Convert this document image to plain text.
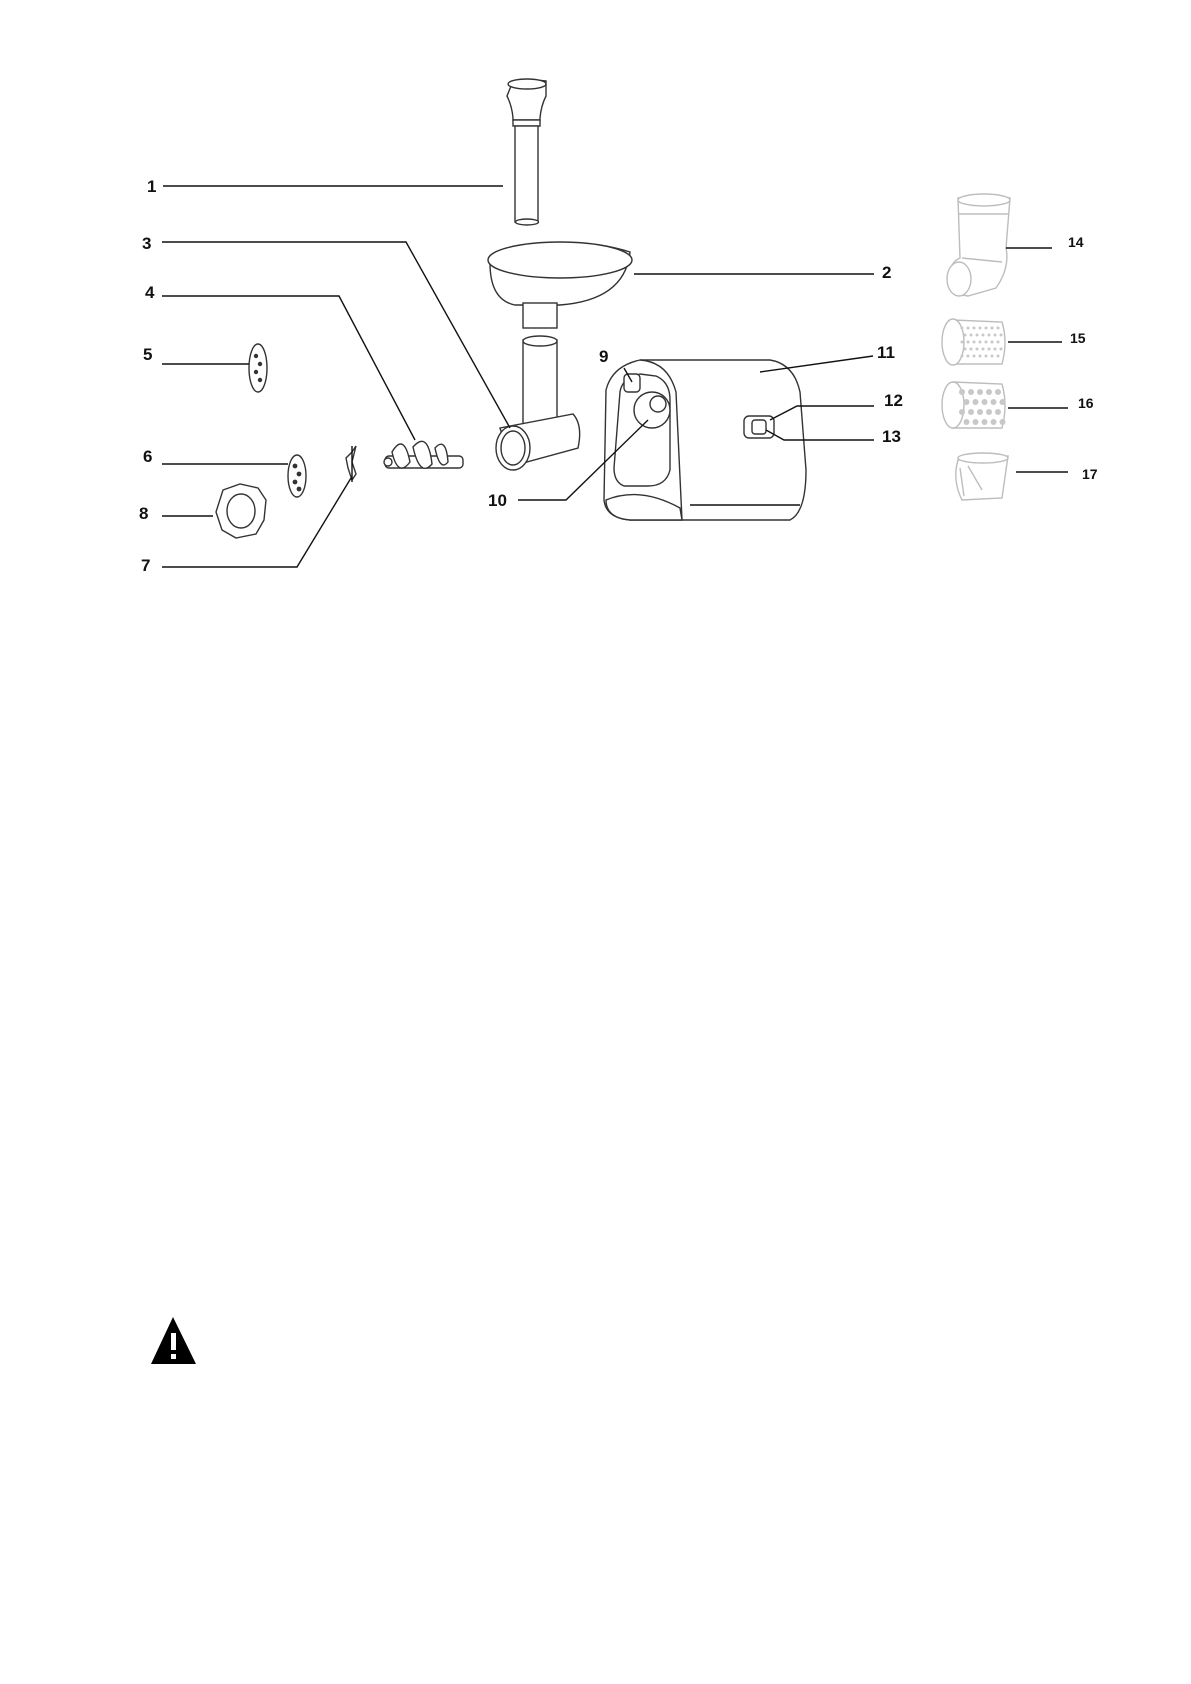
1
2
3
4
5
6
7
8
9
10
11
12
13
14
15
16
17
